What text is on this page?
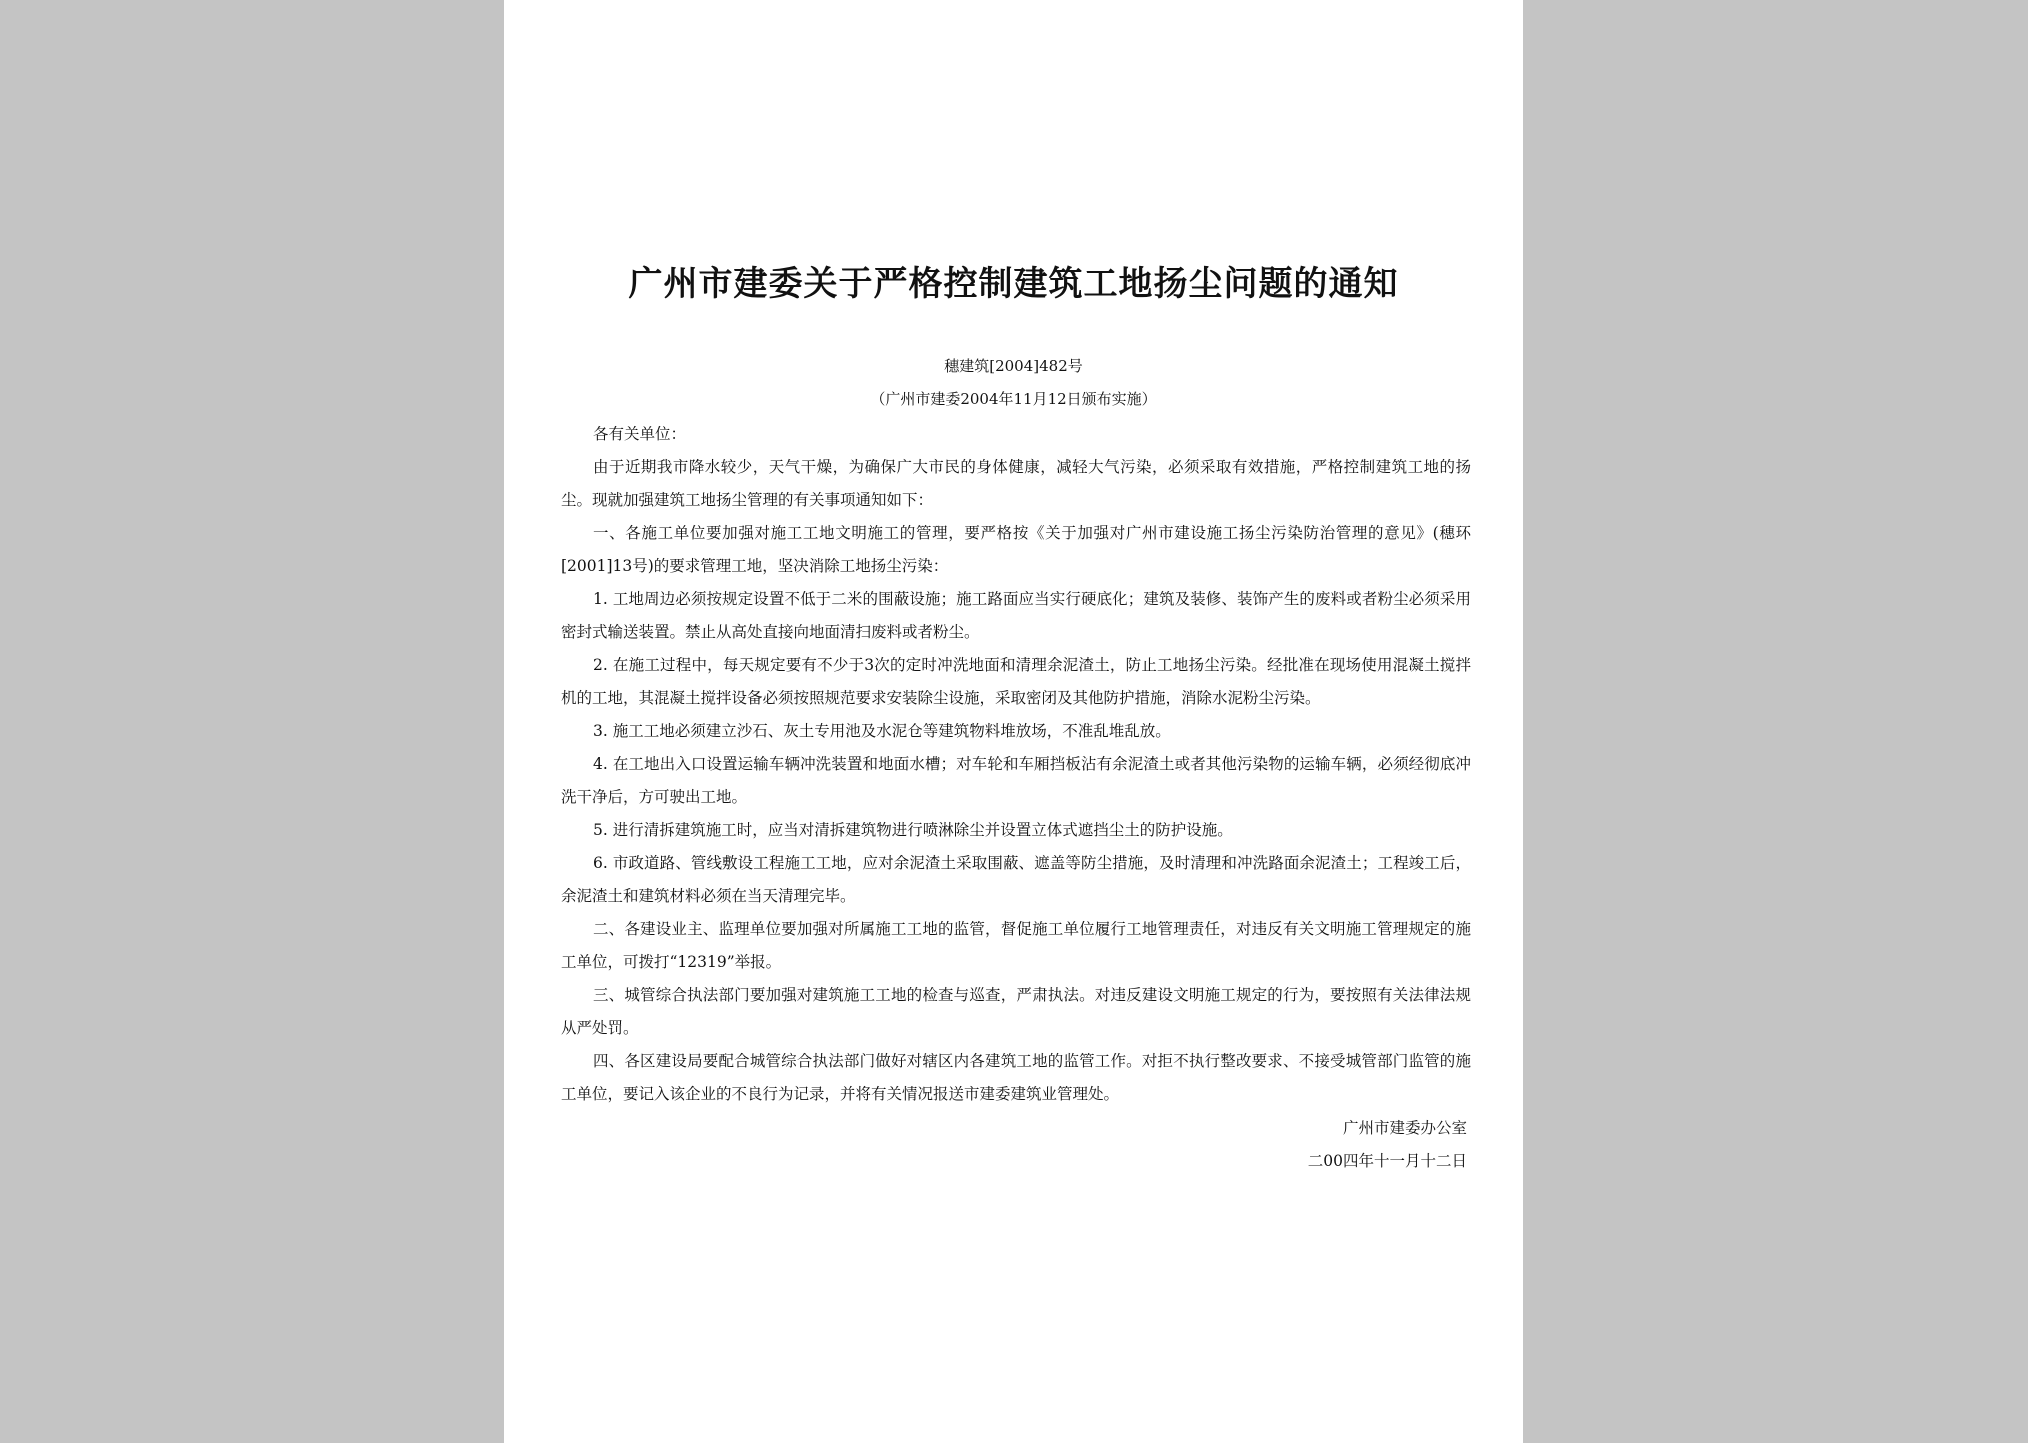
广州市建委关于严格控制建筑工地扬尘问题的通知
穗建筑[2004]482号
（广州市建委2004年11月12日颁布实施）

各有关单位：

由于近期我市降水较少，天气干燥，为确保广大市民的身体健康，减轻大气污染，必须采取有效措施，严格控制建筑工地的扬尘。现就加强建筑工地扬尘管理的有关事项通知如下：

一、各施工单位要加强对施工工地文明施工的管理，要严格按《关于加强对广州市建设施工扬尘污染防治管理的意见》(穗环[2001]13号)的要求管理工地，坚决消除工地扬尘污染：

1. 工地周边必须按规定设置不低于二米的围蔽设施；施工路面应当实行硬底化；建筑及装修、装饰产生的废料或者粉尘必须采用密封式输送装置。禁止从高处直接向地面清扫废料或者粉尘。

2. 在施工过程中，每天规定要有不少于3次的定时冲洗地面和清理余泥渣土，防止工地扬尘污染。经批准在现场使用混凝土搅拌机的工地，其混凝土搅拌设备必须按照规范要求安装除尘设施，采取密闭及其他防护措施，消除水泥粉尘污染。

3. 施工工地必须建立沙石、灰土专用池及水泥仓等建筑物料堆放场，不准乱堆乱放。

4. 在工地出入口设置运输车辆冲洗装置和地面水槽；对车轮和车厢挡板沾有余泥渣土或者其他污染物的运输车辆，必须经彻底冲洗干净后，方可驶出工地。

5. 进行清拆建筑施工时，应当对清拆建筑物进行喷淋除尘并设置立体式遮挡尘土的防护设施。

6. 市政道路、管线敷设工程施工工地，应对余泥渣土采取围蔽、遮盖等防尘措施，及时清理和冲洗路面余泥渣土；工程竣工后，余泥渣土和建筑材料必须在当天清理完毕。

二、各建设业主、监理单位要加强对所属施工工地的监管，督促施工单位履行工地管理责任，对违反有关文明施工管理规定的施工单位，可拨打“12319”举报。

三、城管综合执法部门要加强对建筑施工工地的检查与巡查，严肃执法。对违反建设文明施工规定的行为，要按照有关法律法规从严处罚。

四、各区建设局要配合城管综合执法部门做好对辖区内各建筑工地的监管工作。对拒不执行整改要求、不接受城管部门监管的施工单位，要记入该企业的不良行为记录，并将有关情况报送市建委建筑业管理处。

广州市建委办公室
二00四年十一月十二日
